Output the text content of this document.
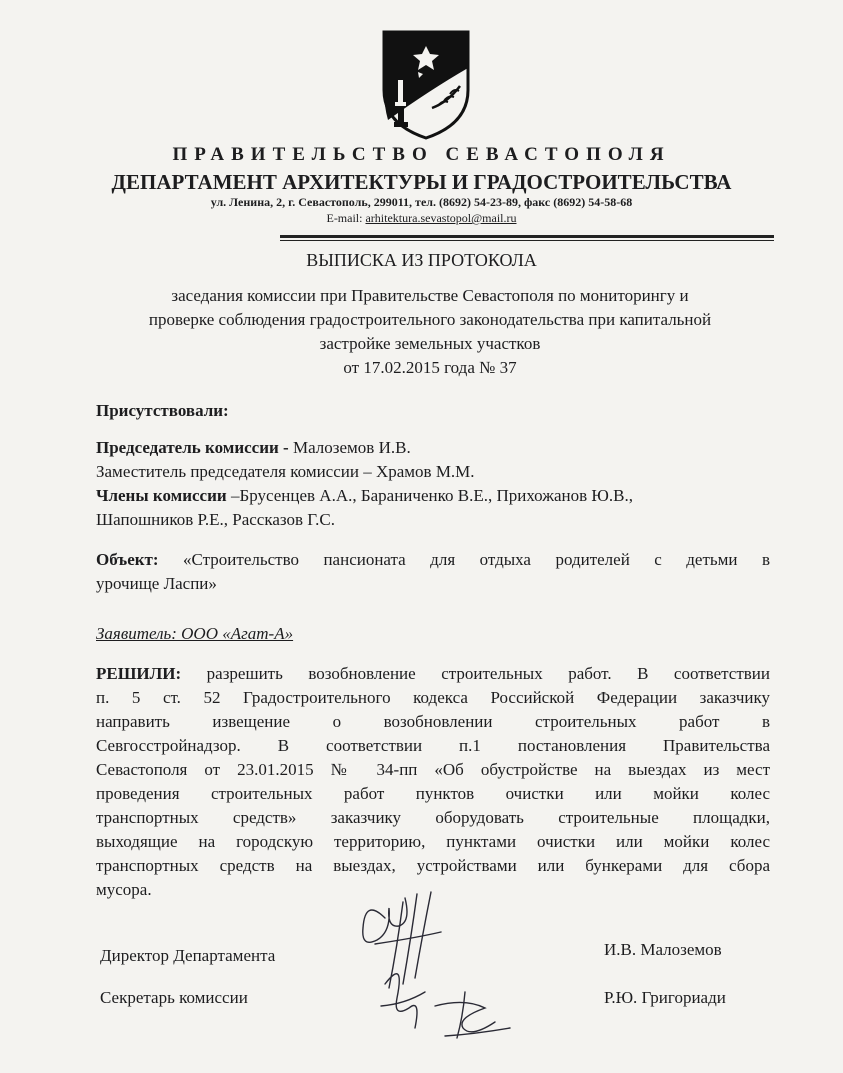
ПРАВИТЕЛЬСТВО СЕВАСТОПОЛЯ
ДЕПАРТАМЕНТ АРХИТЕКТУРЫ И ГРАДОСТРОИТЕЛЬСТВА
ул. Ленина, 2, г. Севастополь, 299011, тел. (8692) 54-23-89, факс (8692) 54-58-68
E-mail: arhitektura.sevastopol@mail.ru
ВЫПИСКА ИЗ ПРОТОКОЛА
заседания комиссии при Правительстве Севастополя по мониторингу и
проверке соблюдения градостроительного законодательства при капитальной
застройке земельных участков
от 17.02.2015 года № 37
Присутствовали:
Председатель комиссии - Малоземов И.В.
Заместитель председателя комиссии – Храмов М.М.
Члены комиссии –Брусенцев А.А., Бараниченко В.Е., Прихожанов Ю.В.,
Шапошников Р.Е., Рассказов Г.С.
Объект: «Строительство пансионата для отдыха родителей с детьми в
урочище Ласпи»
Заявитель: ООО «Агат-А»
РЕШИЛИ: разрешить возобновление строительных работ. В соответствии
п. 5 ст. 52 Градостроительного кодекса Российской Федерации заказчику
направить извещение о возобновлении строительных работ в
Севгосстройнадзор. В соответствии п.1 постановления Правительства
Севастополя от 23.01.2015 № 34-пп «Об обустройстве на выездах из мест
проведения строительных работ пунктов очистки или мойки колес
транспортных средств» заказчику оборудовать строительные площадки,
выходящие на городскую территорию, пунктами очистки или мойки колес
транспортных средств на выездах, устройствами или бункерами для сбора
мусора.
Директор Департамента	И.В. Малоземов
Секретарь комиссии	Р.Ю. Григориади
